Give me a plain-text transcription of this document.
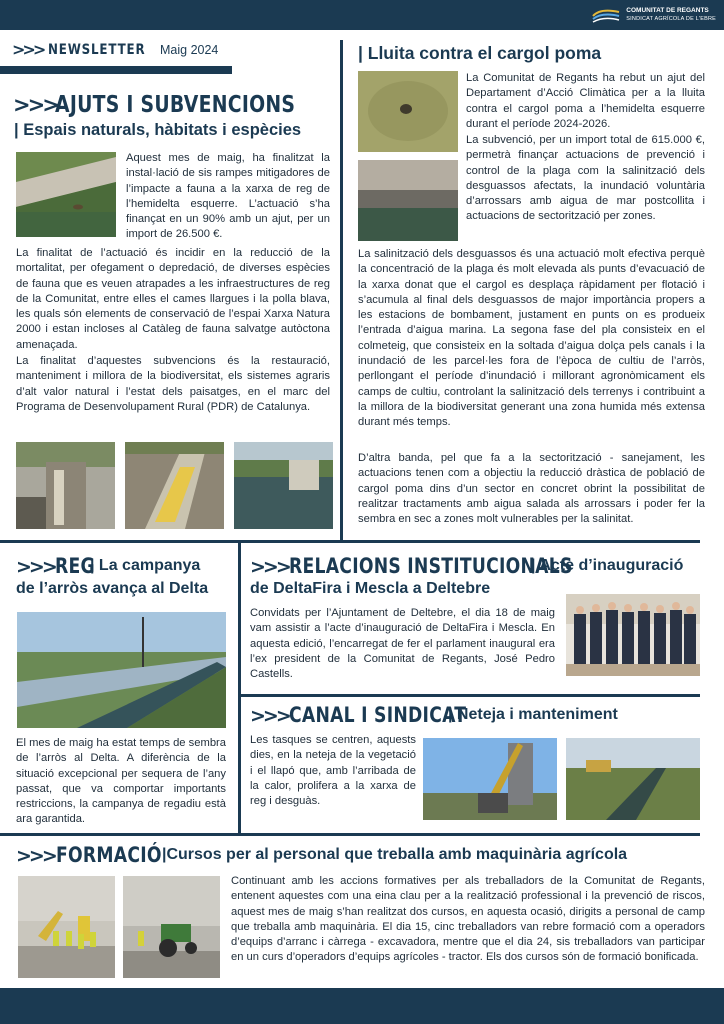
COMUNITAT DE REGANTS
SINDICAT AGRÍCOLA DE L'EBRE
>>> NEWSLETTER Maig 2024
>>>
AJUTS I SUBVENCIONS
| Espais naturals, hàbitats i espècies
Aquest mes de maig, ha finalitzat la instal·lació de sis rampes mitigadores de l’impacte a fauna a la xarxa de reg de l’hemidelta esquerre. L’actuació s’ha finançat en un 90% amb un ajut, per un import de 26.500 €.
La finalitat de l’actuació és incidir en la reducció de la mortalitat, per ofegament o depredació, de diverses espècies de fauna que es veuen atrapades a les infraestructures de reg de la Comunitat, entre elles el cames llargues i la polla blava, les quals són elements de conservació de l’espai Xarxa Natura 2000 i estan incloses al Catàleg de fauna salvatge autòctona amenaçada.
La finalitat d’aquestes subvencions és la restauració, manteniment i millora de la biodiversitat, els sistemes agraris d’alt valor natural i l’estat dels paisatges, en el marc del Programa de Desenvolupament Rural (PDR) de Catalunya.
| Lluita contra el cargol poma
La Comunitat de Regants ha rebut un ajut del Departament d’Acció Climàtica per a la lluita contra el cargol poma a l’hemidelta esquerre durant el període 2024-2026.
La subvenció, per un import total de 615.000 €, permetrà finançar actuacions de prevenció i control de la plaga com la salinització dels desguassos afectats, la inundació voluntària d’arrossars amb aigua de mar postcollita i actuacions de sectorització per zones.
La salinització dels desguassos és una actuació molt efectiva perquè la concentració de la plaga és molt elevada als punts d’evacuació de la xarxa donat que el cargol es desplaça ràpidament per flotació i s’acumula al final dels desguassos de major importància propers a les estacions de bombament, justament en punts on es produeix l’entrada d’aigua marina. La segona fase del pla consisteix en el colmeteig, que consisteix en la soltada d’aigua dolça pels canals i la inundació de les parcel·les fora de l’època de cultiu de l’arròs, perllongant el període d’inundació i millorant agronòmicament els camps de cultiu, controlant la salinització dels terrenys i contribuint a la millora de la biodiversitat generant una zona humida més extensa durant més temps.
D’altra banda, pel que fa a la sectorització - sanejament, les actuacions tenen com a objectiu la reducció dràstica de població de cargol poma dins d’un sector en concret obrint la possibilitat de realitzar tractaments amb aigua salada als arrossars i poder fer la sembra en sec a zones molt vulnerables per la salinitat.
>>> REG
| La campanya
de l’arròs avança al Delta
El mes de maig ha estat temps de sembra de l’arròs al Delta. A diferència de la situació excepcional per sequera de l’any passat, que va comportar importants restriccions, la campanya de regadiu està ara garantida.
>>> RELACIONS INSTITUCIONALS
| Acte d’inauguració
de DeltaFira i Mescla a Deltebre
Convidats per l’Ajuntament de Deltebre, el dia 18 de maig vam assistir a l’acte d’inauguració de DeltaFira i Mescla. En aquesta edició, l’encarregat de fer el parlament inaugural era l’ex president de la Comunitat de Regants, José Pedro Castells.
>>> CANAL I SINDICAT
| Neteja i manteniment
Les tasques se centren, aquests dies, en la neteja de la vegetació i el llapó que, amb l’arribada de la calor, prolifera a la xarxa de reg i desguàs.
>>> FORMACIÓ |Cursos per al personal que treballa amb maquinària agrícola
Continuant amb les accions formatives per als treballadors de la Comunitat de Regants, entenent aquestes com una eina clau per a la realització professional i la prevenció de riscos, aquest mes de maig s’han realitzat dos cursos, en aquesta ocasió, dirigits a personal de camp que treballa amb maquinària. El dia 15, cinc treballadors van rebre formació com a operadors d’equips d’arranc i càrrega - excavadora, mentre que el dia 24, sis treballadors van participar en un curs d’operadors d’equips agrícoles - tractor. Els dos cursos són de formació bonificada.
